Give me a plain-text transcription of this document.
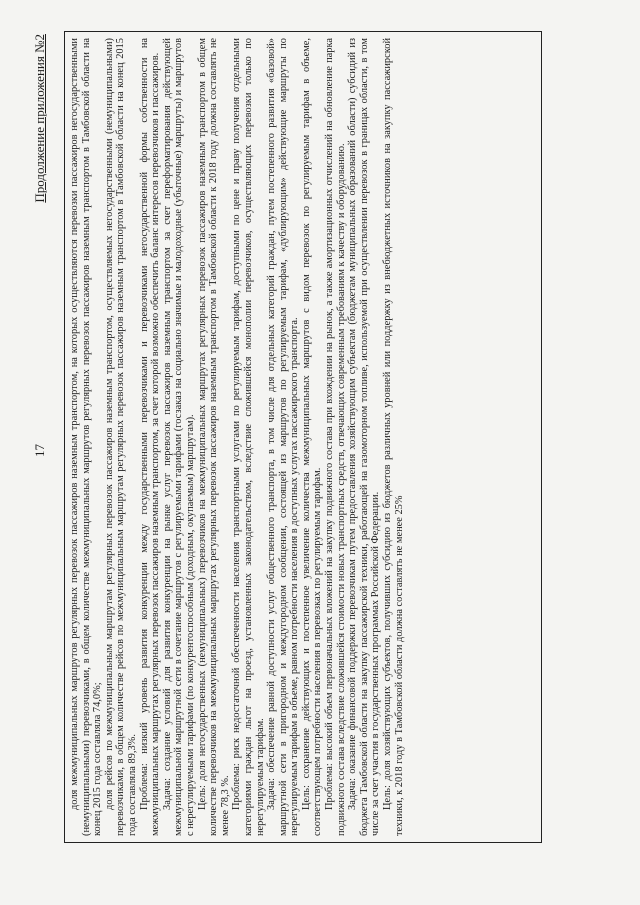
17
Продолжение приложения №2 доля межмуниципальных маршрутов регулярных перевозок пассажиров наземным транспортом, на которых осуществляются перевозки пассажиров негосударственными (немуниципальными) перевозчиками, в общем количестве межмуниципальных маршрутов регулярных перевозок пассажиров наземным транспортом в Тамбовской области на конец 2015 года составляла 74,0%; доля рейсов по межмуниципальным маршрутам регулярных перевозок пассажиров наземным транспортом, осуществляемых негосударственными (немуниципальными) перевозчиками, в общем количестве рейсов по межмуниципальным маршрутам регулярных перевозок пассажиров наземным транспортом в Тамбовской области на конец 2015 года составляла 89,3%. Проблема: низкий уровень развития конкуренции между государственными перевозчиками и перевозчиками негосударственной формы собственности на межмуниципальных маршрутах регулярных перевозок пассажиров наземным транспортом, за счет которой возможно обеспечить баланс интересов перевозчиков и пассажиров. Задача: создание условий для развития конкуренции на рынке услуг перевозок пассажиров наземным транспортом за счет переформатирования действующей межмуниципальной маршрутной сети в сочетание маршрутов с регулируемыми тарифами (госзаказ на социально значимые и малодоходные (убыточные) маршруты) и маршрутов с нерегулируемыми тарифами (по конкурентоспособным (доходным, окупаемым) маршрутам). Цель: доля негосударственных (немуниципальных) перевозчиков на межмуниципальных маршрутах регулярных перевозок пассажиров наземным транспортом в общем количестве перевозчиков на межмуниципальных маршрутах регулярных перевозок пассажиров наземным транспортом в Тамбовской области к 2018 году должна составлять не менее 78,3 %. Проблема: риск недостаточной обеспеченности населения транспортными услугами по регулируемым тарифам, доступными по цене и праву получения отдельными категориями граждан льгот на проезд, установленных законодательством, вследствие сложившейся монополии перевозчиков, осуществляющих перевозки только по нерегулируемым тарифам. Задача: обеспечение равной доступности услуг общественного транспорта, в том числе для отдельных категорий граждан, путем постепенного развития «базовой» маршрутной сети в пригородном и междугородном сообщении, состоящей из маршрутов по регулируемым тарифам, «дублирующим» действующие маршруты по нерегулируемым тарифам в объеме, равном потребности населения в доступных услугах пассажирского транспорта. Цель: сохранение действующих и постепенное увеличение количества межмуниципальных маршрутов с видом перевозок по регулируемым тарифам в объеме, соответствующем потребности населения в перевозках по регулируемым тарифам. Проблема: высокий объем первоначальных вложений на закупку подвижного состава при вхождении на рынок, а также амортизационных отчислений на обновление парка подвижного состава вследствие сложившейся стоимости новых транспортных средств, отвечающих современным требованиям к качеству и оборудованию. Задача: оказание финансовой поддержки перевозчикам путем предоставления хозяйствующим субъектам (бюджетам муниципальных образований области) субсидий из бюджета Тамбовской области на закупку пассажирской техники, работающей на газомоторном топливе, используемой при осуществлении перевозок в границах области, в том числе за счет участия в государственных программах Российской Федерации. Цель: доля хозяйствующих субъектов, получивших субсидию из бюджетов различных уровней или поддержку из внебюджетных источников на закупку пассажирской техники, к 2018 году в Тамбовской области должна составлять не менее 25%
